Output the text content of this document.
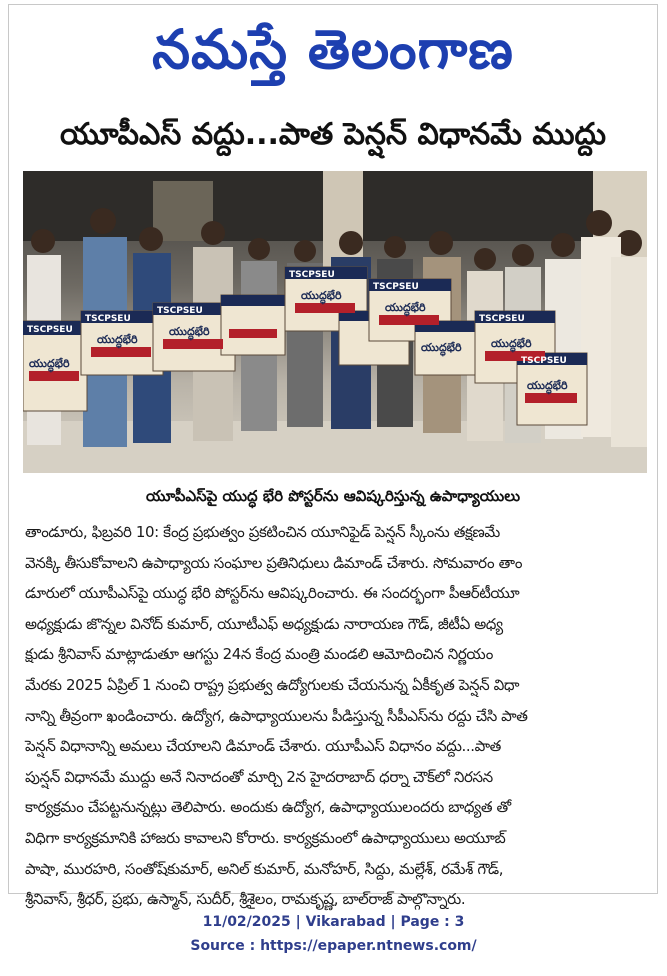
నమస్తే తెలంగాణ
యూపీఎస్ వద్దు...పాత పెన్షన్ విధానమే ముద్దు
TSCPSEU
TSCPSEU
TSCPSEU
TSCPSEU
TSCPSEU
TSCPSEU
TSCPSEU
యుద్ధభేరి
యుద్ధభేరి
యుద్ధభేరి
యుద్ధభేరి
యుద్ధభేరి
యుద్ధభేరి	యుద్ధభేరి
యుద్ధభేరి
యూపీఎస్‌పై యుద్ధ భేరి పోస్టర్‌ను ఆవిష్కరిస్తున్న ఉపాధ్యాయులు

తాండూరు, ఫిబ్రవరి 10: కేంద్ర ప్రభుత్వం ప్రకటించిన యూనిఫైడ్ పెన్షన్ స్కీంను తక్షణమే

వెనక్కి తీసుకోవాలని ఉపాధ్యాయ సంఘాల ప్రతినిధులు డిమాండ్ చేశారు. సోమవారం తాం

డూరులో యూపీఎస్‌పై యుద్ధ భేరి పోస్టర్‌ను ఆవిష్కరించారు. ఈ సందర్భంగా పీఆర్‌టీయూ

అధ్యక్షుడు జొన్నల వినోద్ కుమార్, యూటీఎఫ్ అధ్యక్షుడు నారాయణ గౌడ్, జీటీఏ అధ్య

క్షుడు శ్రీనివాస్ మాట్లాడుతూ ఆగస్టు 24న కేంద్ర మంత్రి మండలి ఆమోదించిన నిర్ణయం

మేరకు 2025 ఏప్రిల్ 1 నుంచి రాష్ట్ర ప్రభుత్వ ఉద్యోగులకు చేయనున్న ఏకీకృత పెన్షన్ విధా

నాన్ని తీవ్రంగా ఖండించారు. ఉద్యోగ, ఉపాధ్యాయులను పీడిస్తున్న సీపీఎస్‌ను రద్దు చేసి పాత

పెన్షన్ విధానాన్ని అమలు చేయాలని డిమాండ్ చేశారు. యూపీఎస్ విధానం వద్దు...పాత

పున్షన్ విధానమే ముద్దు అనే నినాదంతో మార్చి 2న హైదరాబాద్ ధర్నా చౌక్‌లో నిరసన

కార్యక్రమం చేపట్టనున్నట్లు తెలిపారు. అందుకు ఉద్యోగ, ఉపాధ్యాయులందరు బాధ్యత తో

విధిగా కార్యక్రమానికి హాజరు కావాలని కోరారు. కార్యక్రమంలో ఉపాధ్యాయులు అయూబ్

పాషా, మురహరి, సంతోష్‌కుమార్, అనిల్ కుమార్, మనోహర్, సిద్దు, మల్లేశ్, రమేశ్ గౌడ్,

శ్రీనివాస్, శ్రీధర్, ప్రభు, ఉస్మాన్, సుదీర్, శ్రీశైలం, రామకృష్ణ, బాల్‌రాజ్ పాల్గొన్నారు.

11/02/2025 | Vikarabad | Page : 3
Source : https://epaper.ntnews.com/
